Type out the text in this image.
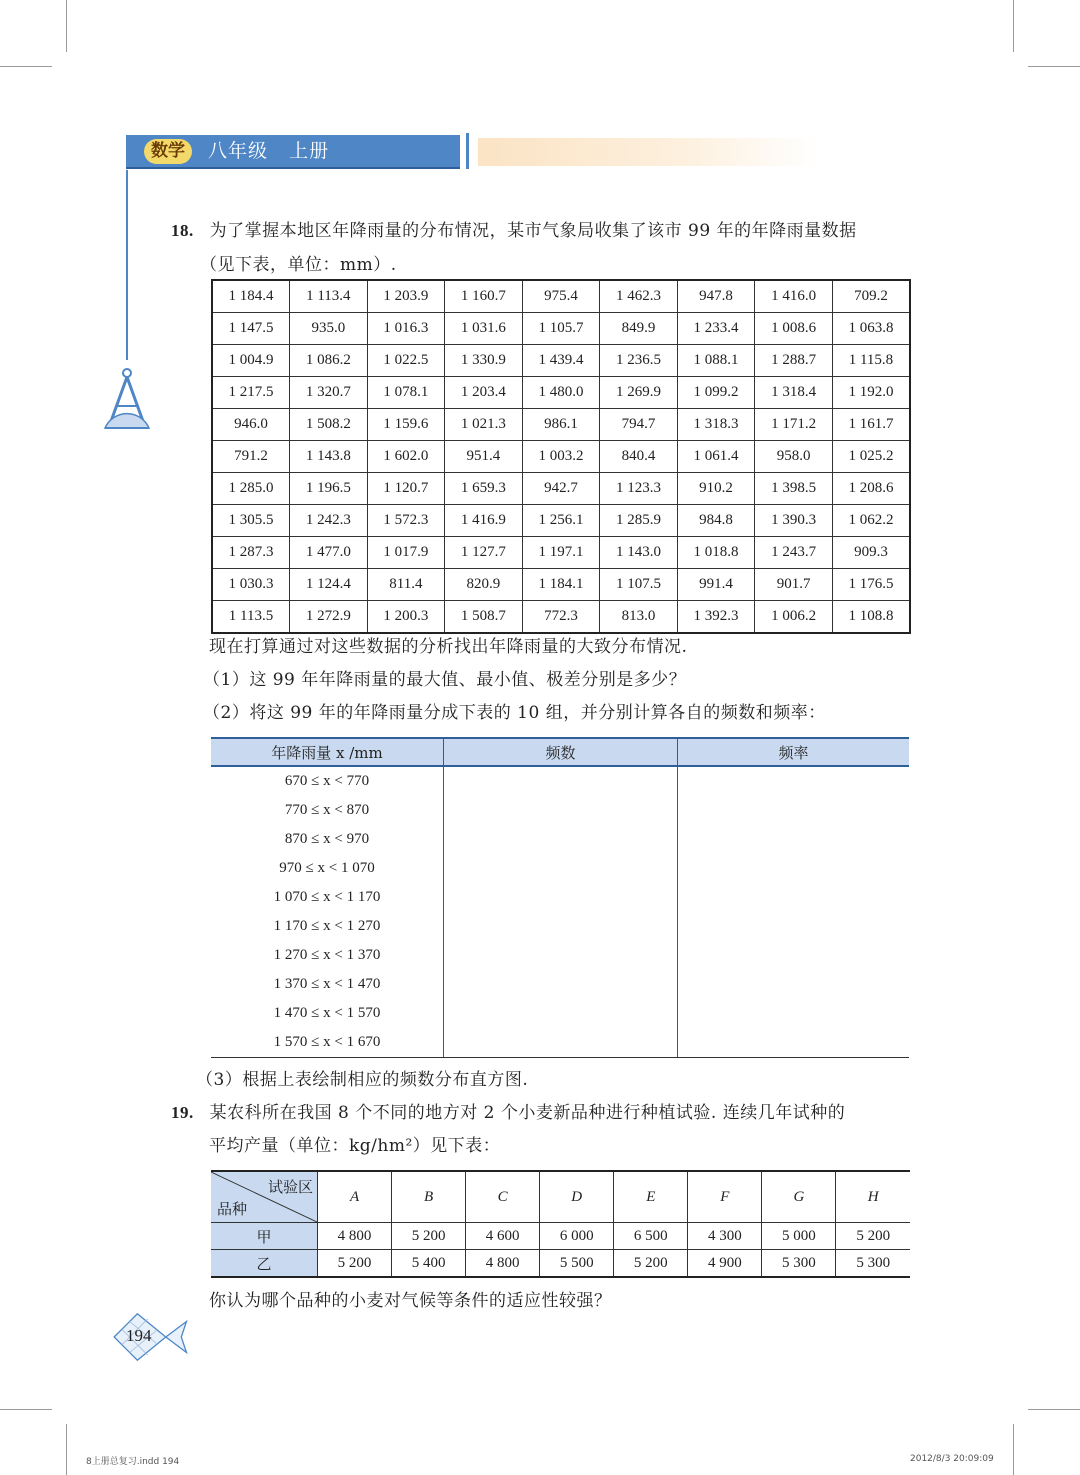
数学	八年级   上册
18. 为了掌握本地区年降雨量的分布情况，某市气象局收集了该市 99 年的年降雨量数据
（见下表，单位：mm）.
1 184.4	1 113.4	1 203.9	1 160.7	975.4	1 462.3	947.8	1 416.0	709.2
1 147.5	935.0	1 016.3	1 031.6	1 105.7	849.9	1 233.4	1 008.6	1 063.8
1 004.9	1 086.2	1 022.5	1 330.9	1 439.4	1 236.5	1 088.1	1 288.7	1 115.8
1 217.5	1 320.7	1 078.1	1 203.4	1 480.0	1 269.9	1 099.2	1 318.4	1 192.0
946.0	1 508.2	1 159.6	1 021.3	986.1	794.7	1 318.3	1 171.2	1 161.7
791.2	1 143.8	1 602.0	951.4	1 003.2	840.4	1 061.4	958.0	1 025.2
1 285.0	1 196.5	1 120.7	1 659.3	942.7	1 123.3	910.2	1 398.5	1 208.6
1 305.5	1 242.3	1 572.3	1 416.9	1 256.1	1 285.9	984.8	1 390.3	1 062.2
1 287.3	1 477.0	1 017.9	1 127.7	1 197.1	1 143.0	1 018.8	1 243.7	909.3
1 030.3	1 124.4	811.4	820.9	1 184.1	1 107.5	991.4	901.7	1 176.5
1 113.5	1 272.9	1 200.3	1 508.7	772.3	813.0	1 392.3	1 006.2	1 108.8
现在打算通过对这些数据的分析找出年降雨量的大致分布情况.
（1）这 99 年年降雨量的最大值、最小值、极差分别是多少？
（2）将这 99 年的年降雨量分成下表的 10 组，并分别计算各自的频数和频率：
年降雨量 x /mm	频数	频率
670 ≤ x < 770		
770 ≤ x < 870		
870 ≤ x < 970		
970 ≤ x < 1 070		
1 070 ≤ x < 1 170		
1 170 ≤ x < 1 270		
1 270 ≤ x < 1 370		
1 370 ≤ x < 1 470		
1 470 ≤ x < 1 570		
1 570 ≤ x < 1 670		
（3）根据上表绘制相应的频数分布直方图.
19. 某农科所在我国 8 个不同的地方对 2 个小麦新品种进行种植试验. 连续几年试种的
平均产量（单位：kg/hm²）见下表：
试验区
品种	A	B	C	D	E	F	G	H
甲	4 800	5 200	4 600	6 000	6 500	4 300	5 000	5 200
乙	5 200	5 400	4 800	5 500	5 200	4 900	5 300	5 300
你认为哪个品种的小麦对气候等条件的适应性较强？
194
8上册总复习.indd 194	2012/8/3 20:09:09
